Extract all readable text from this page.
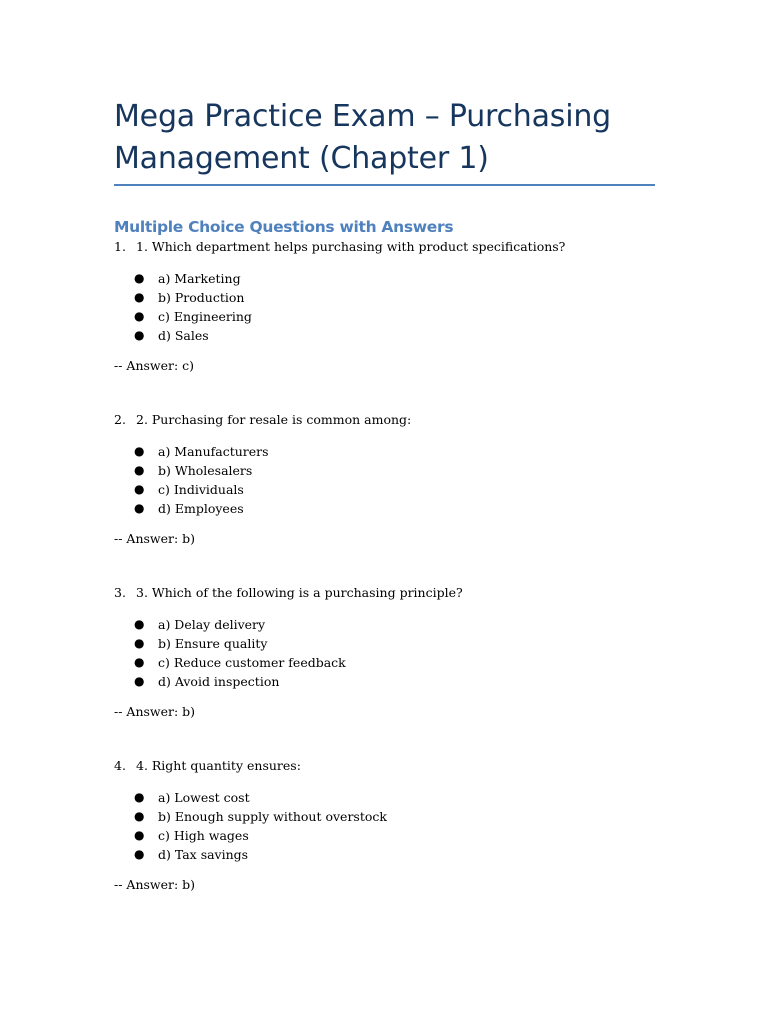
Mega Practice Exam – Purchasing Management (Chapter 1)
Multiple Choice Questions with Answers

1. 1. Which department helps purchasing with product specifications?

● a) Marketing
● b) Production
● c) Engineering
● d) Sales

-- Answer: c)

2. 2. Purchasing for resale is common among:

● a) Manufacturers
● b) Wholesalers
● c) Individuals
● d) Employees

-- Answer: b)

3. 3. Which of the following is a purchasing principle?

● a) Delay delivery
● b) Ensure quality
● c) Reduce customer feedback
● d) Avoid inspection

-- Answer: b)

4. 4. Right quantity ensures:

● a) Lowest cost
● b) Enough supply without overstock
● c) High wages
● d) Tax savings

-- Answer: b)
